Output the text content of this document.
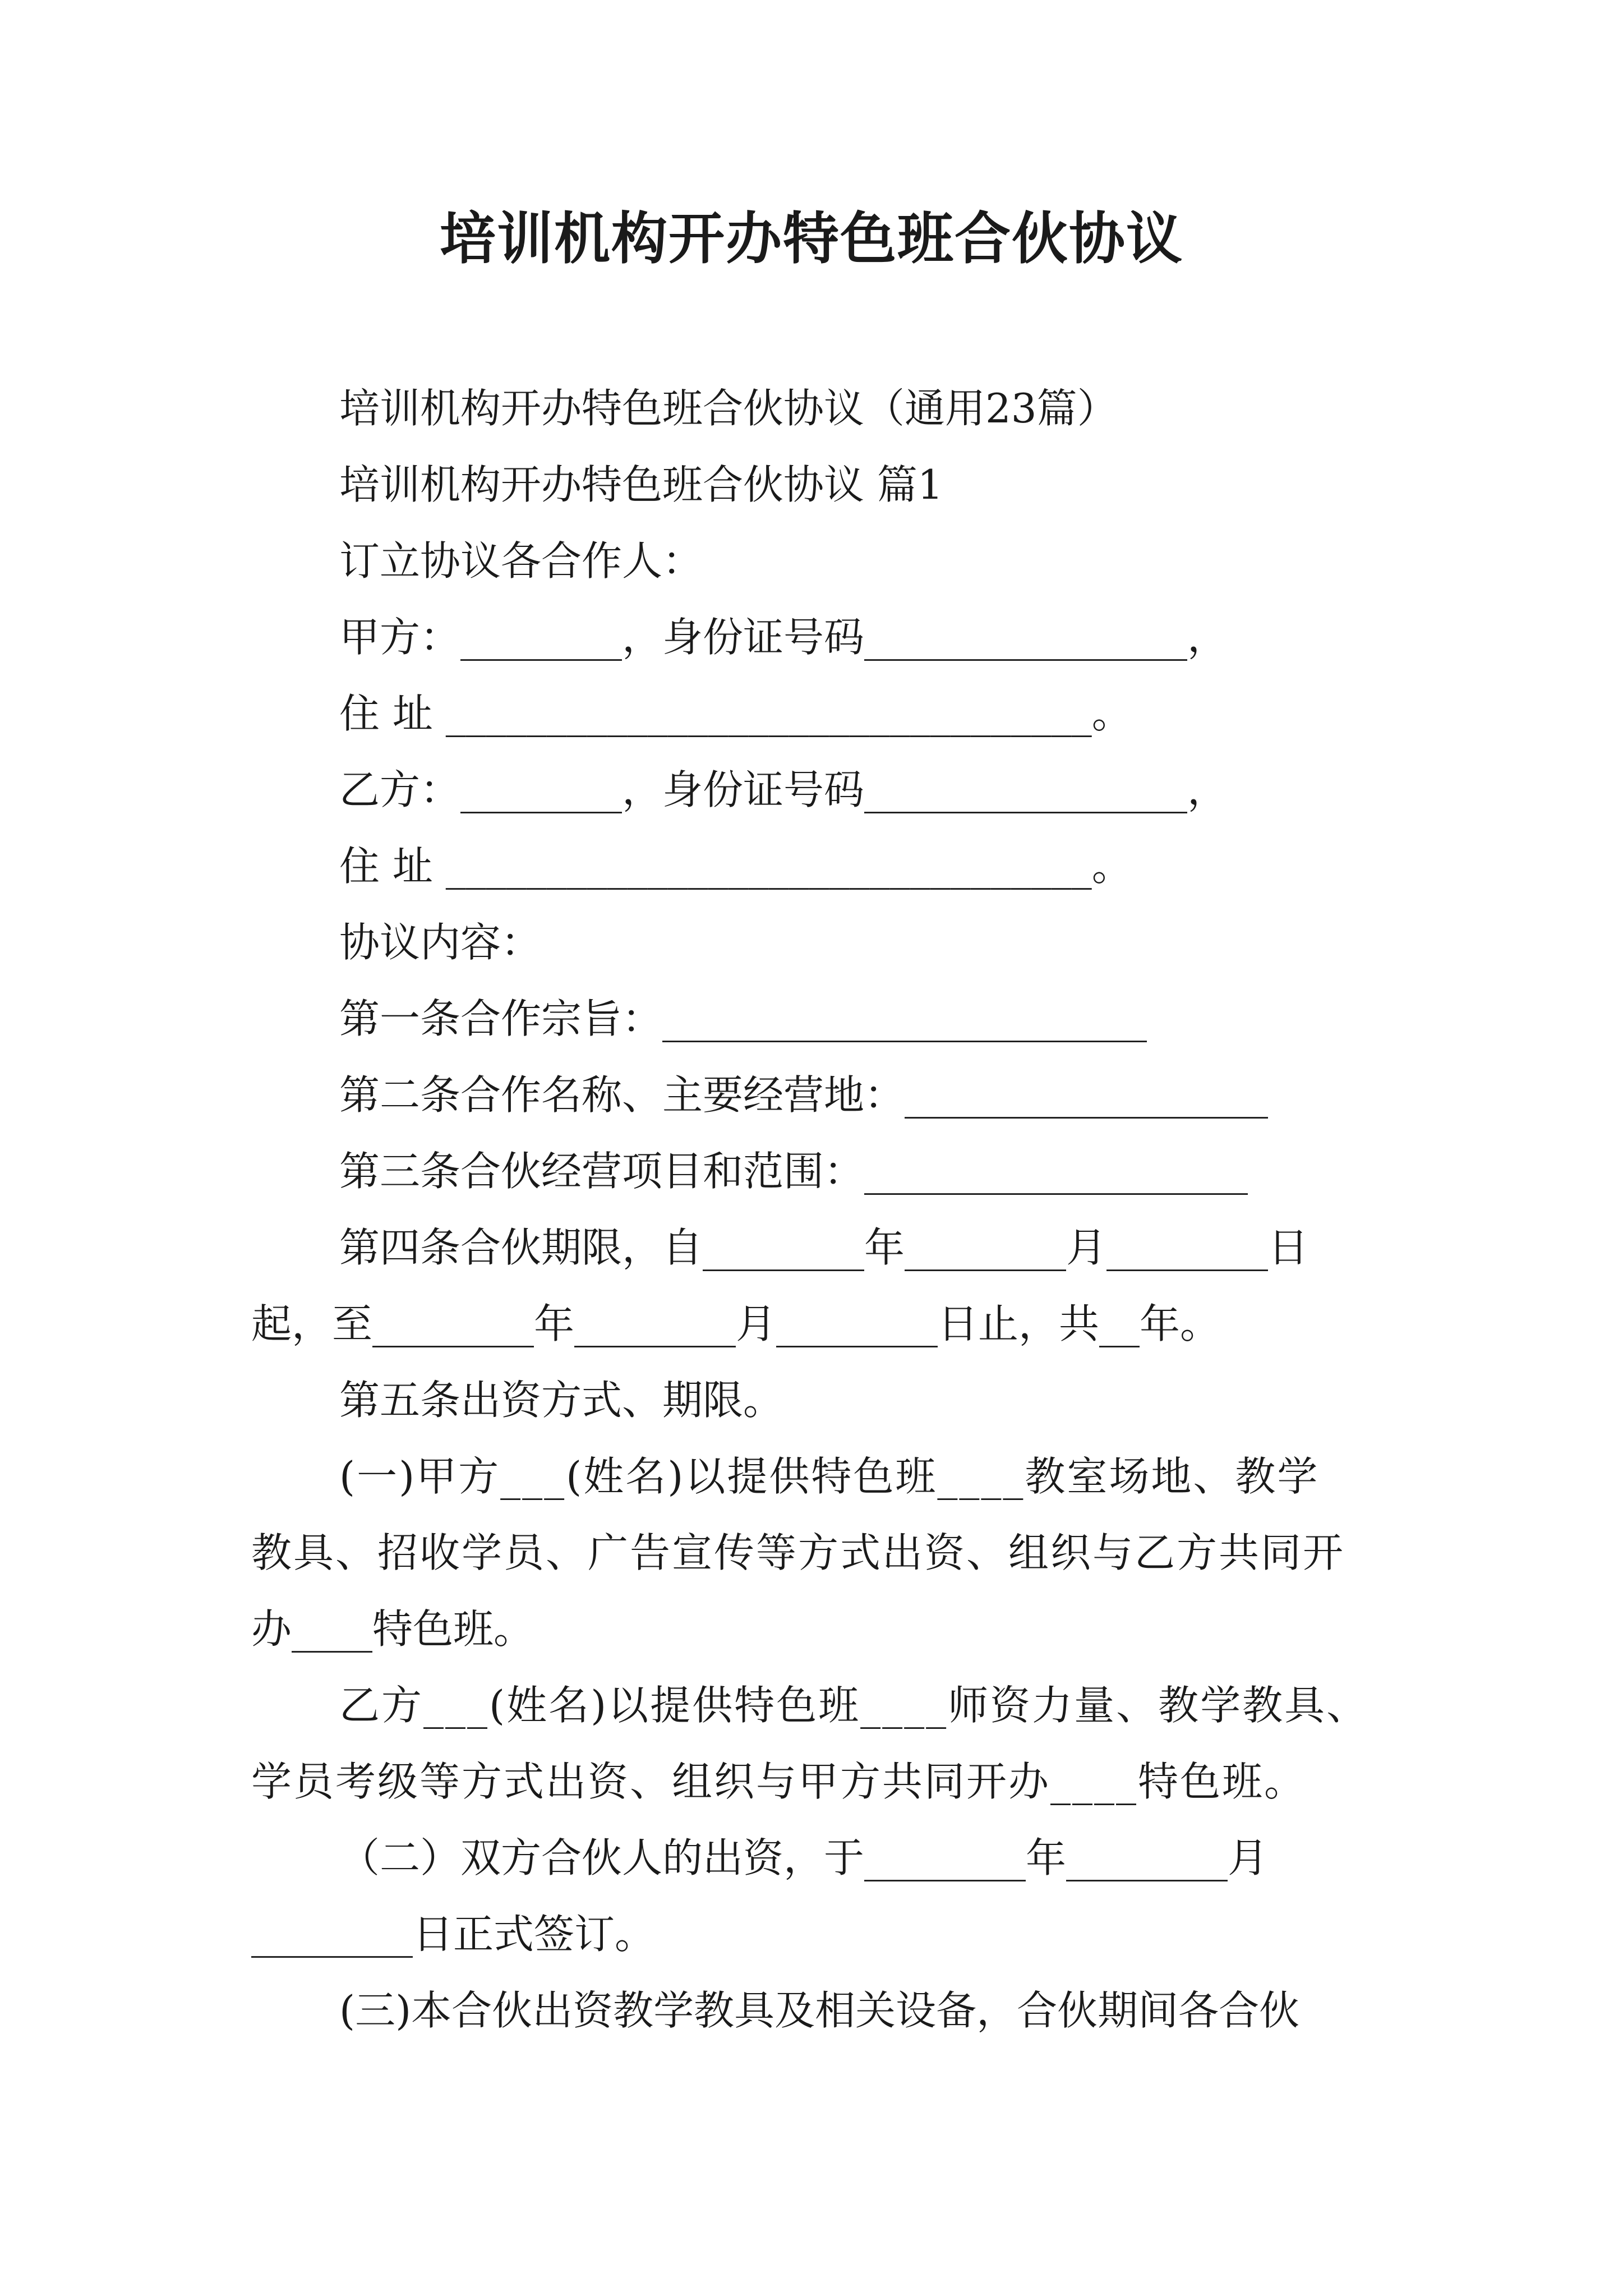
培训机构开办特色班合伙协议
培训机构开办特色班合伙协议（通用23篇）
培训机构开办特色班合伙协议 篇1
订立协议各合作人：
甲方：________，身份证号码________________，
住 址 ________________________________。
乙方：________，身份证号码________________，
住 址 ________________________________。
协议内容：
第一条合作宗旨：________________________
第二条合作名称、主要经营地：__________________
第三条合伙经营项目和范围：___________________
第四条合伙期限，自________年________月________日
起，至________年________月________日止，共__年。
第五条出资方式、期限。
(一)甲方___(姓名)以提供特色班____教室场地、教学
教具、招收学员、广告宣传等方式出资、组织与乙方共同开
办____特色班。
乙方___(姓名)以提供特色班____师资力量、教学教具、
学员考级等方式出资、组织与甲方共同开办____特色班。
（二）双方合伙人的出资，于________年________月
________日正式签订。
(三)本合伙出资教学教具及相关设备，合伙期间各合伙
